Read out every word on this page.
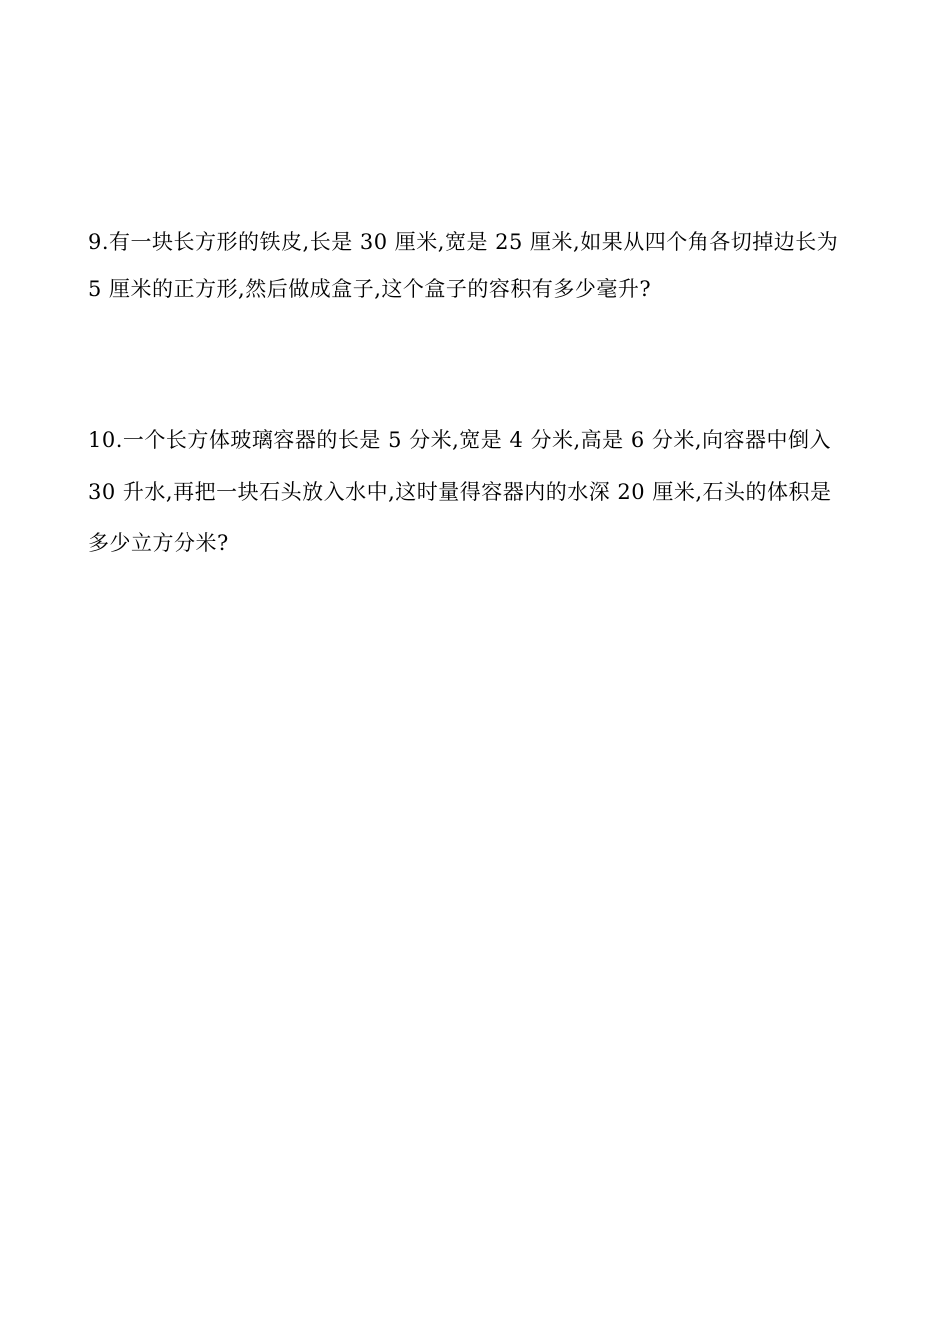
9.有一块长方形的铁皮,长是 30 厘米,宽是 25 厘米,如果从四个角各切掉边长为
5 厘米的正方形,然后做成盒子,这个盒子的容积有多少毫升?
10.一个长方体玻璃容器的长是 5 分米,宽是 4 分米,高是 6 分米,向容器中倒入
30 升水,再把一块石头放入水中,这时量得容器内的水深 20 厘米,石头的体积是
多少立方分米?
